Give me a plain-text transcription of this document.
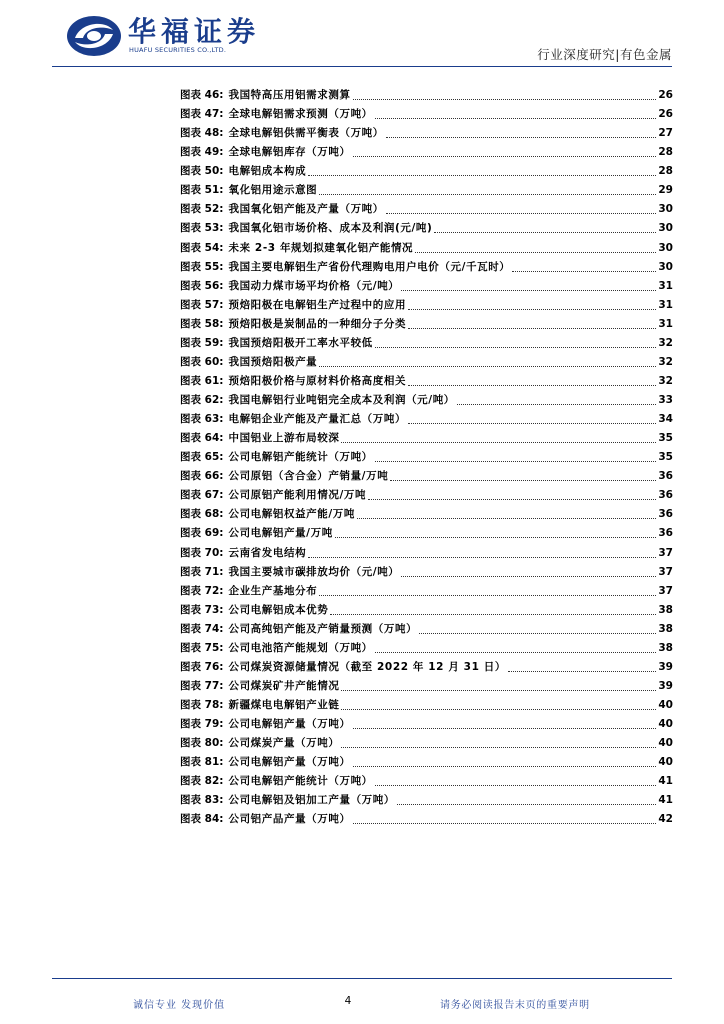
华福证券
HUAFU SECURITIES CO.,LTD.	行业深度研究|有色金属
图表 46: 我国特高压用铝需求测算	26
图表 47: 全球电解铝需求预测（万吨）	26
图表 48: 全球电解铝供需平衡表（万吨）	27
图表 49: 全球电解铝库存（万吨）	28
图表 50: 电解铝成本构成	28
图表 51: 氧化铝用途示意图	29
图表 52: 我国氧化铝产能及产量（万吨）	30
图表 53: 我国氧化铝市场价格、成本及利润(元/吨)	30
图表 54: 未来 2-3 年规划拟建氧化铝产能情况	30
图表 55: 我国主要电解铝生产省份代理购电用户电价（元/千瓦时）	30
图表 56: 我国动力煤市场平均价格（元/吨）	31
图表 57: 预焙阳极在电解铝生产过程中的应用	31
图表 58: 预焙阳极是炭制品的一种细分子分类	31
图表 59: 我国预焙阳极开工率水平较低	32
图表 60: 我国预焙阳极产量	32
图表 61: 预焙阳极价格与原材料价格高度相关	32
图表 62: 我国电解铝行业吨铝完全成本及利润（元/吨）	33
图表 63: 电解铝企业产能及产量汇总（万吨）	34
图表 64: 中国铝业上游布局较深	35
图表 65: 公司电解铝产能统计（万吨）	35
图表 66: 公司原铝（含合金）产销量/万吨	36
图表 67: 公司原铝产能利用情况/万吨	36
图表 68: 公司电解铝权益产能/万吨	36
图表 69: 公司电解铝产量/万吨	36
图表 70: 云南省发电结构	37
图表 71: 我国主要城市碳排放均价（元/吨）	37
图表 72: 企业生产基地分布	37
图表 73: 公司电解铝成本优势	38
图表 74: 公司高纯铝产能及产销量预测（万吨）	38
图表 75: 公司电池箔产能规划（万吨）	38
图表 76: 公司煤炭资源储量情况（截至 2022 年 12 月 31 日）	39
图表 77: 公司煤炭矿井产能情况	39
图表 78: 新疆煤电电解铝产业链	40
图表 79: 公司电解铝产量（万吨）	40
图表 80: 公司煤炭产量（万吨）	40
图表 81: 公司电解铝产量（万吨）	40
图表 82: 公司电解铝产能统计（万吨）	41
图表 83: 公司电解铝及铝加工产量（万吨）	41
图表 84: 公司铝产品产量（万吨）	42
诚信专业 发现价值	4	请务必阅读报告末页的重要声明
